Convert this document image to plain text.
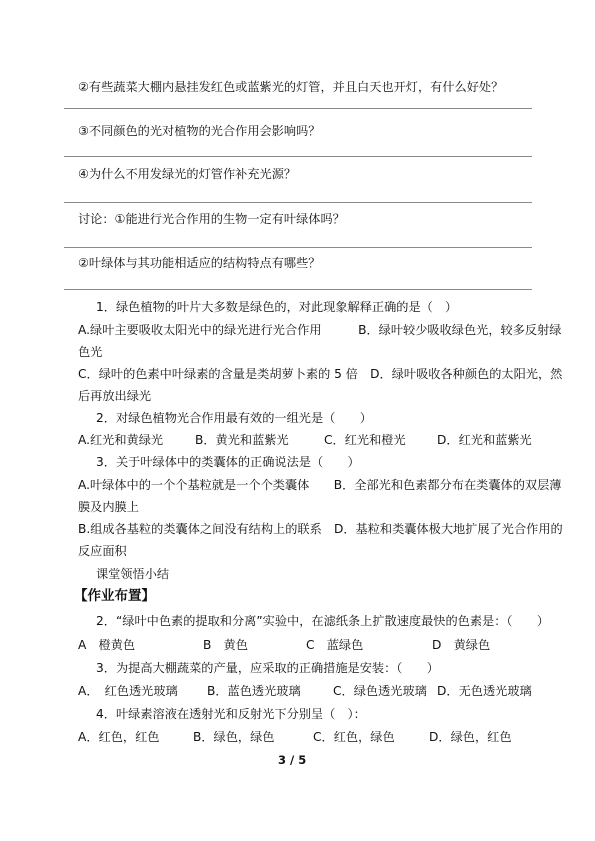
②有些蔬菜大棚内悬挂发红色或蓝紫光的灯管，并且白天也开灯，有什么好处？
③不同颜色的光对植物的光合作用会影响吗？
④为什么不用发绿光的灯管作补充光源？
讨论：①能进行光合作用的生物一定有叶绿体吗？
②叶绿体与其功能相适应的结构特点有哪些？
1．绿色植物的叶片大多数是绿色的，对此现象解释正确的是（　）
A.绿叶主要吸收太阳光中的绿光进行光合作用　　　B．绿叶较少吸收绿色光，较多反射绿
色光
C．绿叶的色素中叶绿素的含量是类胡萝卜素的 5 倍　D．绿叶吸收各种颜色的太阳光，然
后再放出绿光
2．对绿色植物光合作用最有效的一组光是（　　）
A.红光和黄绿光	B．黄光和蓝紫光	C．红光和橙光	D．红光和蓝紫光
3．关于叶绿体中的类囊体的正确说法是（　　）
A.叶绿体中的一个个基粒就是一个个类囊体　　B．全部光和色素都分布在类囊体的双层薄
膜及内膜上
B.组成各基粒的类囊体之间没有结构上的联系　D．基粒和类囊体极大地扩展了光合作用的
反应面积
课堂领悟小结
【作业布置】
2．“绿叶中色素的提取和分离”实验中，在滤纸条上扩散速度最快的色素是：（　　）
A　橙黄色	B　黄色	C　蓝绿色	D　黄绿色
3．为提高大棚蔬菜的产量，应采取的正确措施是安装：（　　）
A．　红色透光玻璃 B．蓝色透光玻璃	C．绿色透光玻璃 D．无色透光玻璃
4．叶绿素溶液在透射光和反射光下分别呈（　）：
A．红色，红色	B．绿色，绿色	C．红色，绿色	D．绿色，红色
3 / 5
